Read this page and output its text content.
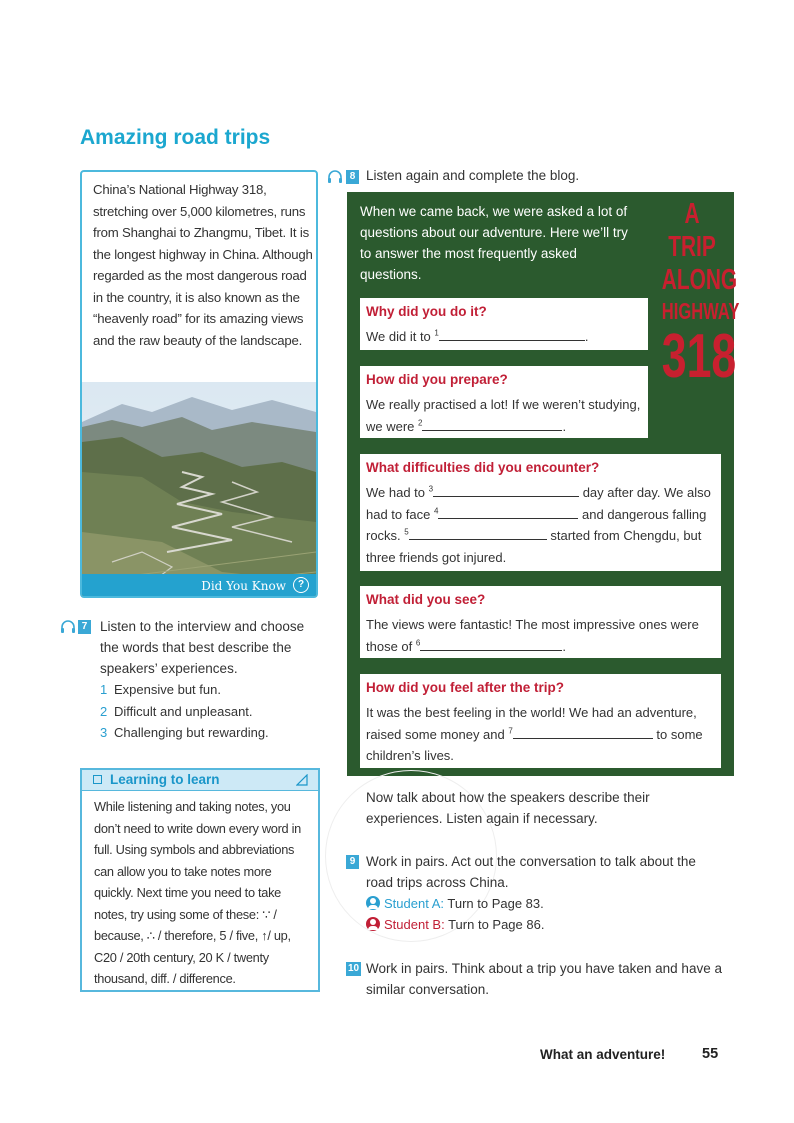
Amazing road trips
China’s National Highway 318, stretching over 5,000 kilometres, runs from Shanghai to Zhangmu, Tibet. It is the longest highway in China. Although regarded as the most dangerous road in the country, it is also known as the “heavenly road” for its amazing views and the raw beauty of the landscape.
Did You Know	?
7 Listen to the interview and choose the words that best describe the speakers’ experiences.
1 Expensive but fun.
2 Difficult and unpleasant.
3 Challenging but rewarding.
Learning to learn
While listening and taking notes, you don’t need to write down every word in full. Using symbols and abbreviations can allow you to take notes more quickly. Next time you need to take notes, try using some of these: ∵ / because, ∴ / therefore, 5 / five, ↑/ up, C20 / 20th century, 20 K / twenty thousand, diff. / difference.
8 Listen again and complete the blog.
When we came back, we were asked a lot of questions about our adventure. Here we’ll try to answer the most frequently asked questions.
A TRIP
ALONG
HIGHWAY
318
Why did you do it?
We did it to $^1$	.
How did you prepare?
We really practised a lot! If we weren’t studying,
we were $^2$	.
What difficulties did you encounter?
We had to $^3$	day after day. We also
had to face $^4$	and dangerous falling
rocks. $^5$	started from Chengdu, but
three friends got injured.
What did you see?
The views were fantastic! The most impressive ones were
those of $^6$	.
How did you feel after the trip?
It was the best feeling in the world! We had an adventure,
raised some money and $^7$	to some
children’s lives.
Now talk about how the speakers describe their experiences. Listen again if necessary.
9 Work in pairs. Act out the conversation to talk about the road trips across China.
Student A: Turn to Page 83.
Student B: Turn to Page 86.
10 Work in pairs. Think about a trip you have taken and have a similar conversation.
What an adventure!	55
